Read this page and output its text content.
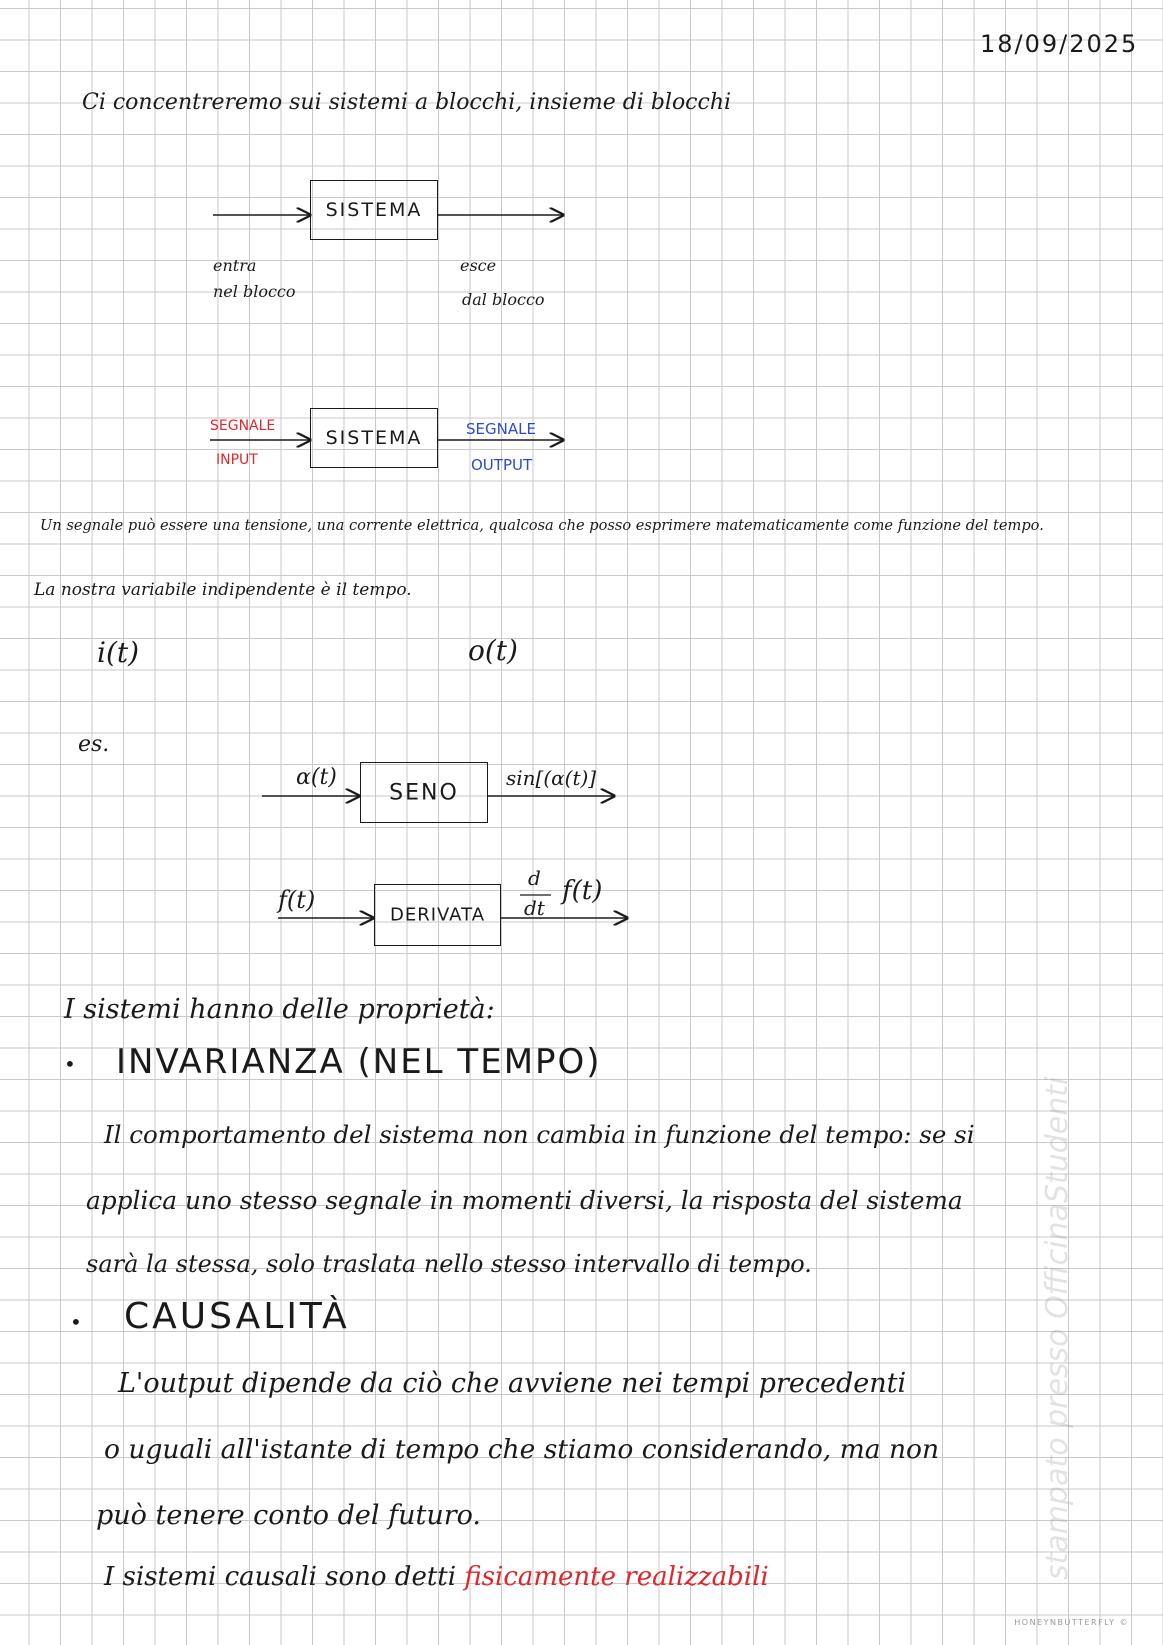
18/09/2025
Ci concentreremo sui sistemi a blocchi, insieme di blocchi
SISTEMA
entra
nel blocco
esce
dal blocco
SISTEMA
SEGNALE
INPUT
SEGNALE
OUTPUT
Un segnale può essere una tensione, una corrente elettrica, qualcosa che posso esprimere matematicamente come funzione del tempo.
La nostra variabile indipendente è il tempo.
i(t)	o(t)
es.
α(t)
SENO
sin[(α(t)]
f(t)
DERIVATA
d
dt
f(t)
I sistemi hanno delle proprietà:
• INVARIANZA (NEL TEMPO)
Il comportamento del sistema non cambia in funzione del tempo: se si
applica uno stesso segnale in momenti diversi, la risposta del sistema
sarà la stessa, solo traslata nello stesso intervallo di tempo.
• CAUSALITÀ
L'output dipende da ciò che avviene nei tempi precedenti
o uguali all'istante di tempo che stiamo considerando, ma non
può tenere conto del futuro.
I sistemi causali sono detti fisicamente realizzabili	stampato presso OfficinaStudenti
HONEYNBUTTERFLY ©
